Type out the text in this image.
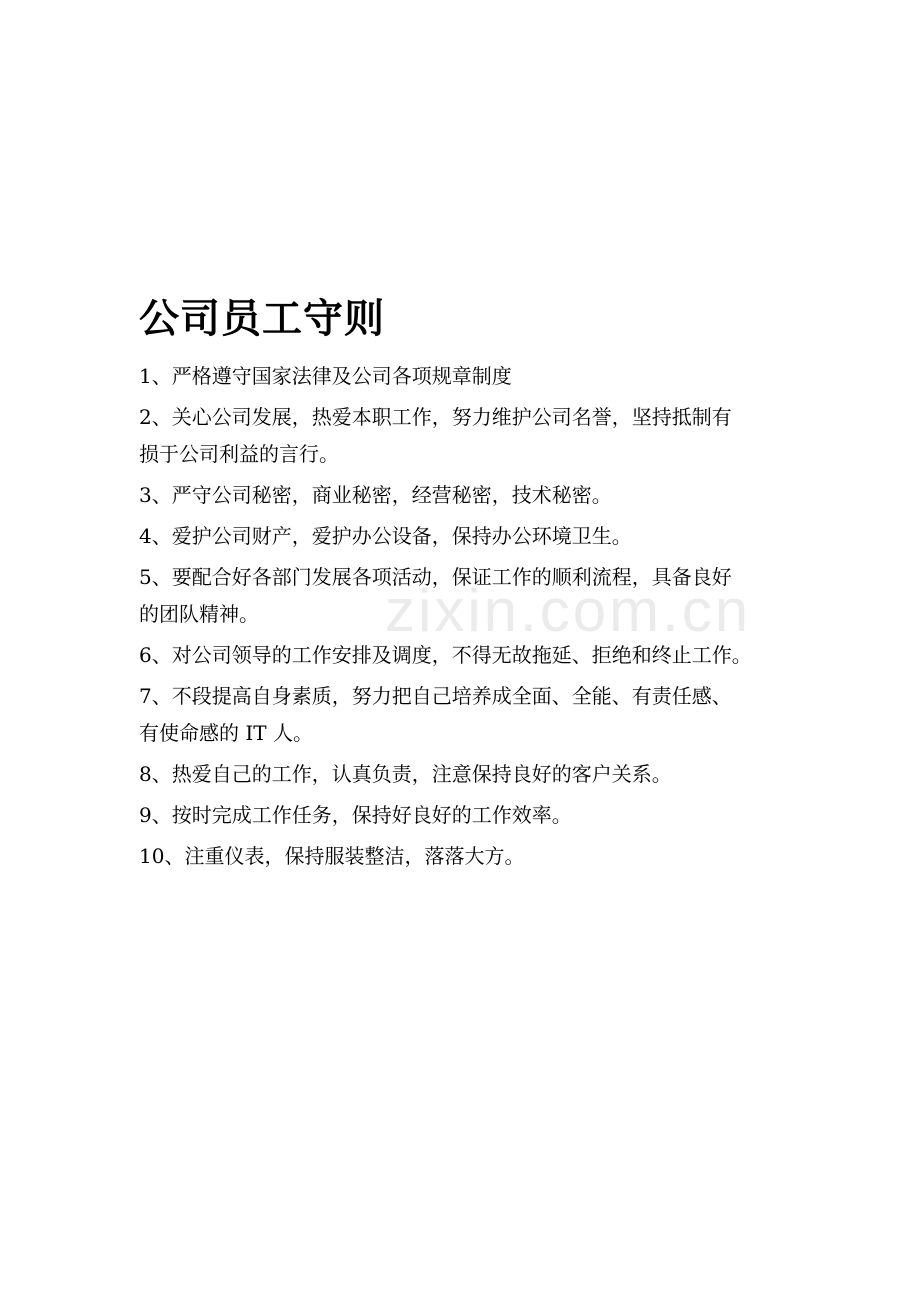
zixin.com.cn
公司员工守则
1、严格遵守国家法律及公司各项规章制度
2、关心公司发展，热爱本职工作，努力维护公司名誉，坚持抵制有
损于公司利益的言行。
3、严守公司秘密，商业秘密，经营秘密，技术秘密。
4、爱护公司财产，爱护办公设备，保持办公环境卫生。
5、要配合好各部门发展各项活动，保证工作的顺利流程，具备良好
的团队精神。
6、对公司领导的工作安排及调度，不得无故拖延、拒绝和终止工作。
7、不段提高自身素质，努力把自己培养成全面、全能、有责任感、
有使命感的 IT 人。
8、热爱自己的工作，认真负责，注意保持良好的客户关系。
9、按时完成工作任务，保持好良好的工作效率。
10、注重仪表，保持服装整洁，落落大方。
